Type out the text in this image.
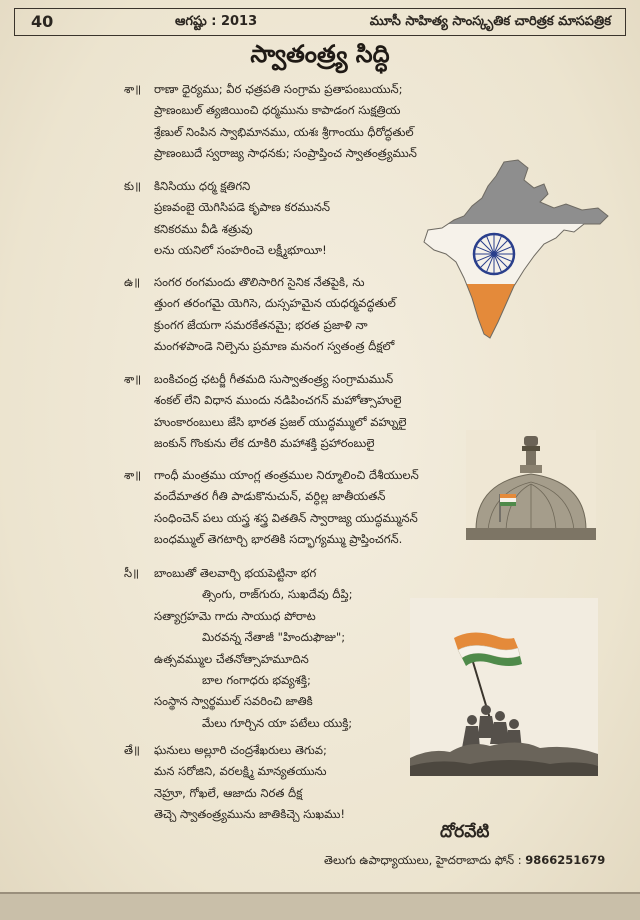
40	ఆగష్టు : 2013	మూసీ సాహిత్య సాంస్కృతిక చారిత్రక మాసపత్రిక
స్వాతంత్ర్య సిద్ధి
శా॥	రాణా ధైర్యము; వీర ఛత్రపతి సంగ్రామ ప్రతాపంబుయున్;
ప్రాణంబుల్ త్యజియించి ధర్మమును కాపాడంగ సుక్షత్రియ
శ్రేణుల్ నింపిన స్వాభిమానము, యశః శ్రీగాంయు ధీరోద్ధతుల్
ప్రాణంబుదే స్వరాజ్య సాధనకు; సంప్రాప్తించ స్వాతంత్ర్యమున్
కు॥	కినిసియు ధర్మ క్షతిగని
ప్రణవంబై యెగిసిపడె కృపాణ కరమునన్
కనికరము వీడి శత్రువు
లను యనిలో సంహరించె లక్ష్మీభూయీ!
ఉ॥	సంగర రంగమందు తొలిసారిగ సైనిక నేతపైకి, ను
త్తుంగ తరంగమై యెగిసె, దుస్సహమైన యధర్మవద్ధతుల్
క్రుంగగ జేయగా సమరకేతనమై; భరత ప్రజాళి నా
మంగళపాండె నిల్పెను ప్రమాణ మనంగ స్వతంత్ర దీక్షలో
శా॥	బంకిచంద్ర ఛటర్జీ గీతమది సుస్వాతంత్ర్య సంగ్రామమున్
శంకల్ లేని విధాన ముందు నడిపించగన్ మహోత్సాహులై
హుంకారంబులు జేసి భారత ప్రజల్ యుద్ధమ్ములో వహ్నులై
జంకున్ గొంకును లేక దూకిరి మహాశక్తి ప్రహారంబులై
శా॥	గాంధీ మంత్రము యాంగ్ల తంత్రముల నిర్మూలించి దేశీయులన్
వందేమాతర గీతి పాడుకొనుచున్, వర్ధిల్ల జాతీయతన్
సంధించెన్ పలు యస్త్ర శస్త్ర వితతిన్ స్వారాజ్య యుద్ధమ్మునన్
బంధమ్ముల్ తెగటార్చి భారతికి సద్భాగ్యమ్ము ప్రాప్తించగన్.
సీ॥	బాంబుతో తెలవార్చి భయపెట్టినా భగ
త్సింగు, రాజ్‌గురు, సుఖదేవు దీప్తి;
సత్యాగ్రహమె గాదు సాయుధ పోరాట
మిరవన్న నేతాజీ "హిందుఫౌజు";
ఉత్సవమ్ముల చేతనోత్సాహమూదిన
బాల గంగాధరు భవ్యశక్తి;
సంస్థాన స్వార్థముల్ సవరించి జాతికి
మేలు గూర్చిన యా పటేలు యుక్తి;
తే॥	ఘనులు అల్లూరి చంద్రశేఖరులు తెగువ;
మన సరోజిని, వరలక్ష్మి మాన్యతయును
నెహ్రూ, గోఖలే, ఆజాదు నిరత దీక్ష
తెచ్చె స్వాతంత్ర్యమును జాతికిచ్చె సుఖము!
దోరవేటి
తెలుగు ఉపాధ్యాయులు, హైదరాబాదు ఫోన్ : 9866251679
